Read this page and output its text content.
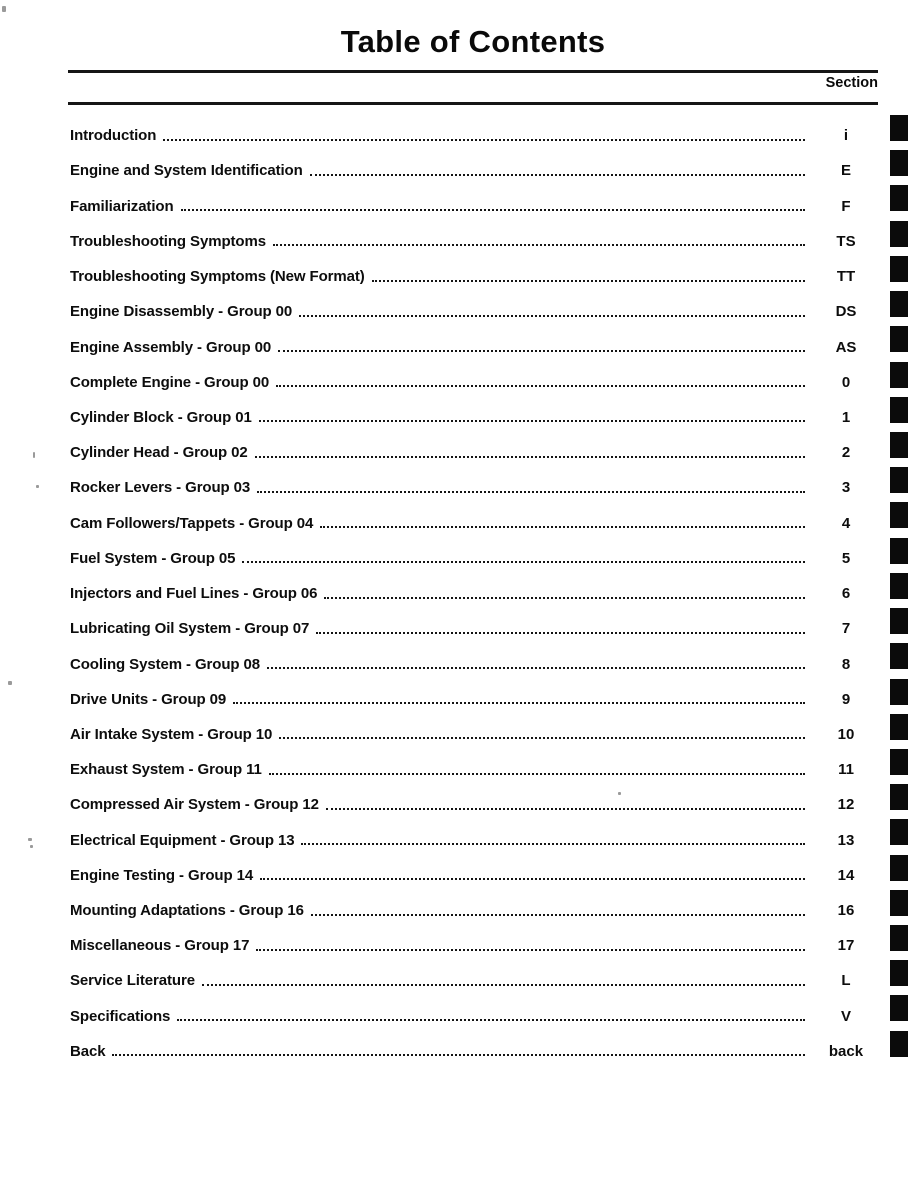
Table of Contents
Section
Introduction	i
Engine and System Identification	E
Familiarization	F
Troubleshooting Symptoms	TS
Troubleshooting Symptoms (New Format)	TT
Engine Disassembly - Group 00	DS
Engine Assembly - Group 00	AS
Complete Engine - Group 00	0
Cylinder Block - Group 01	1
Cylinder Head - Group 02	2
Rocker Levers - Group 03	3
Cam Followers/Tappets - Group 04	4
Fuel System - Group 05	5
Injectors and Fuel Lines - Group 06	6
Lubricating Oil System - Group 07	7
Cooling System - Group 08	8
Drive Units - Group 09	9
Air Intake System - Group 10	10
Exhaust System - Group 11	11
Compressed Air System - Group 12	12
Electrical Equipment - Group 13	13
Engine Testing - Group 14	14
Mounting Adaptations - Group 16	16
Miscellaneous - Group 17	17
Service Literature	L
Specifications	V
Back	back
